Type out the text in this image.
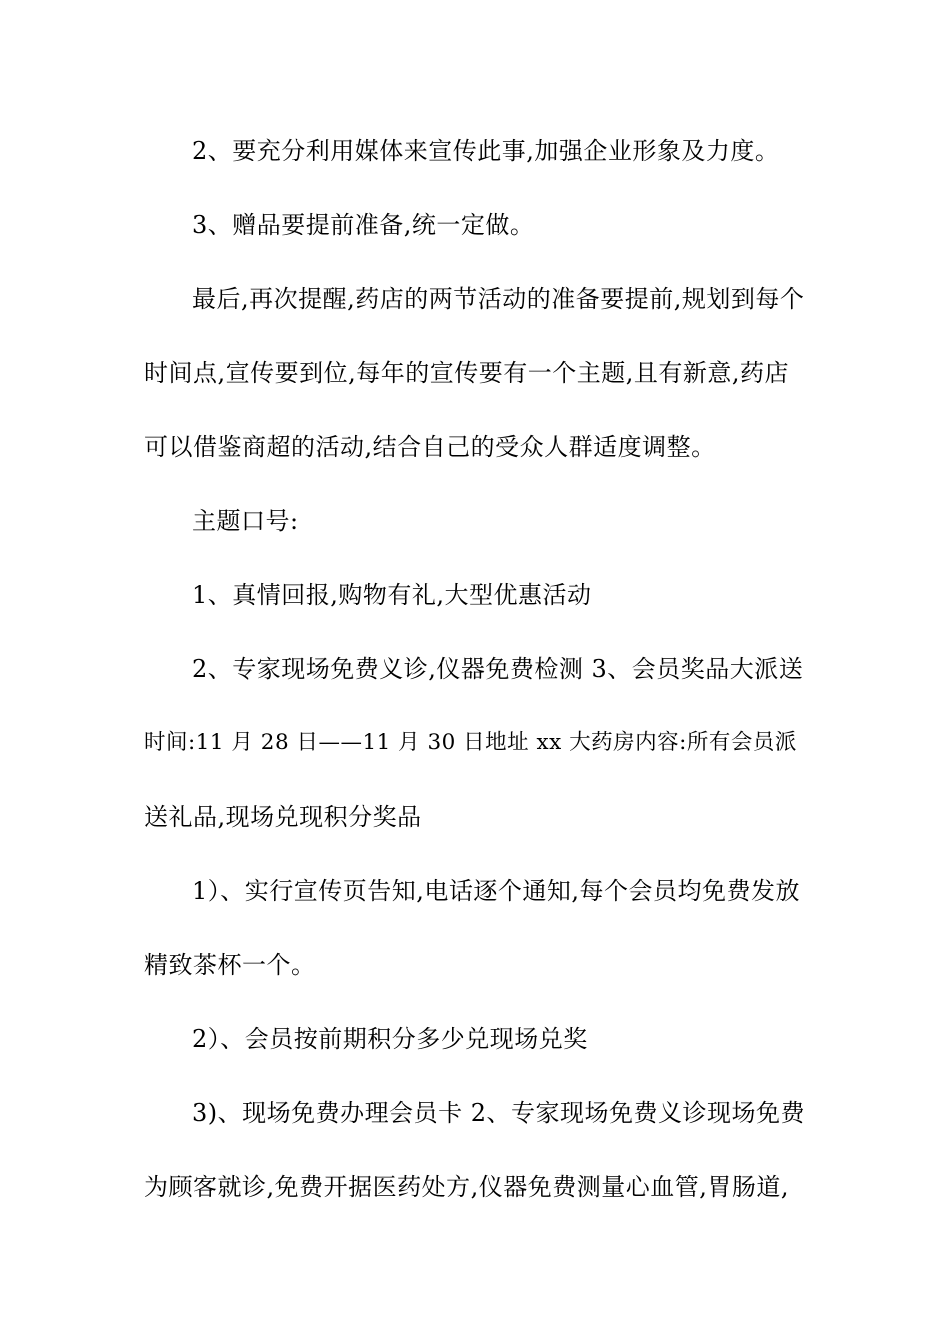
2、要充分利用媒体来宣传此事,加强企业形象及力度。
3、赠品要提前准备,统一定做。
最后,再次提醒,药店的两节活动的准备要提前,规划到每个
时间点,宣传要到位,每年的宣传要有一个主题,且有新意,药店
可以借鉴商超的活动,结合自己的受众人群适度调整。
主题口号:
1、真情回报,购物有礼,大型优惠活动
2、专家现场免费义诊,仪器免费检测 3、会员奖品大派送
时间:11 月 28 日——11 月 30 日地址 xx 大药房内容:所有会员派
送礼品,现场兑现积分奖品
1）、实行宣传页告知,电话逐个通知,每个会员均免费发放
精致茶杯一个。
2）、会员按前期积分多少兑现场兑奖
3)、现场免费办理会员卡 2、专家现场免费义诊现场免费
为顾客就诊,免费开据医药处方,仪器免费测量心血管,胃肠道,
